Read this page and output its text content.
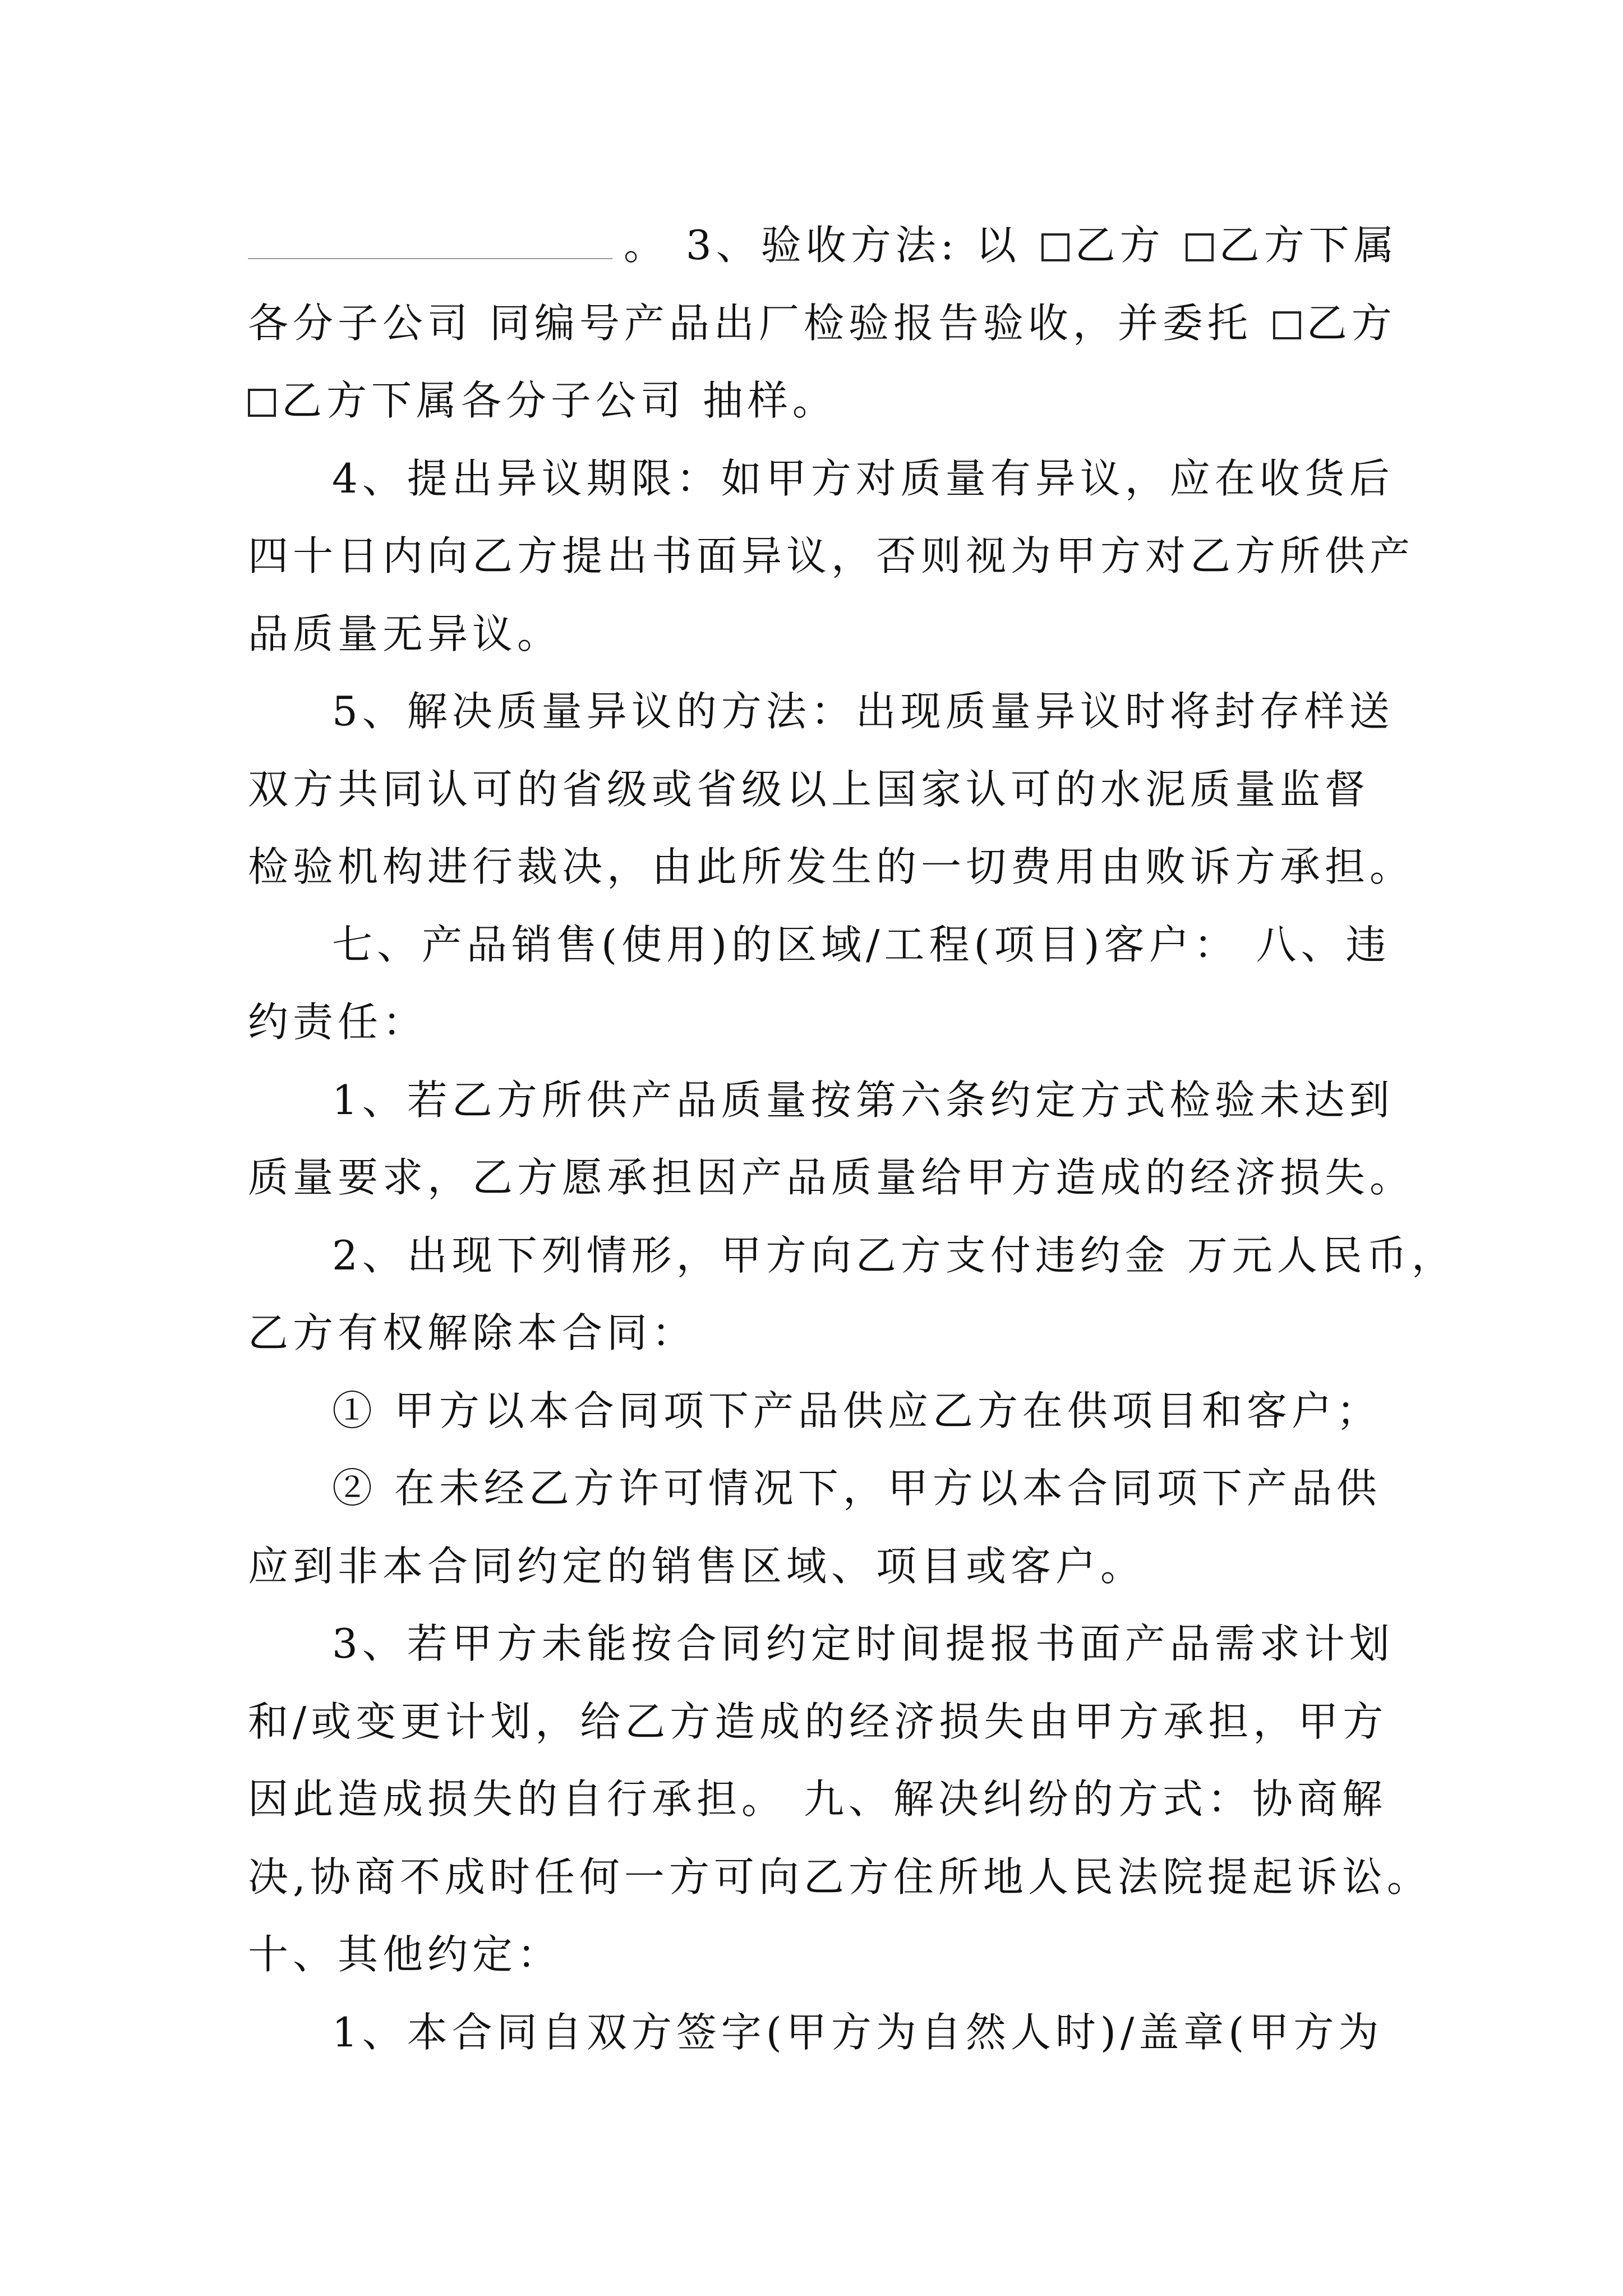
。 3、验收方法: 以 乙方 乙方下属
各分子公司 同编号产品出厂检验报告验收，并委托 乙方
乙方下属各分子公司 抽样。
4、提出异议期限：如甲方对质量有异议，应在收货后
四十日内向乙方提出书面异议，否则视为甲方对乙方所供产
品质量无异议。
5、解决质量异议的方法：出现质量异议时将封存样送
双方共同认可的省级或省级以上国家认可的水泥质量监督
检验机构进行裁决，由此所发生的一切费用由败诉方承担。
七、产品销售(使用)的区域/工程(项目)客户： 八、违
约责任：
1、若乙方所供产品质量按第六条约定方式检验未达到
质量要求，乙方愿承担因产品质量给甲方造成的经济损失。
2、出现下列情形，甲方向乙方支付违约金 万元人民币，
乙方有权解除本合同：
① 甲方以本合同项下产品供应乙方在供项目和客户；
② 在未经乙方许可情况下，甲方以本合同项下产品供
应到非本合同约定的销售区域、项目或客户。
3、若甲方未能按合同约定时间提报书面产品需求计划
和/或变更计划，给乙方造成的经济损失由甲方承担，甲方
因此造成损失的自行承担。 九、解决纠纷的方式：协商解
决,协商不成时任何一方可向乙方住所地人民法院提起诉讼。
十、其他约定：
1、本合同自双方签字(甲方为自然人时)/盖章(甲方为
